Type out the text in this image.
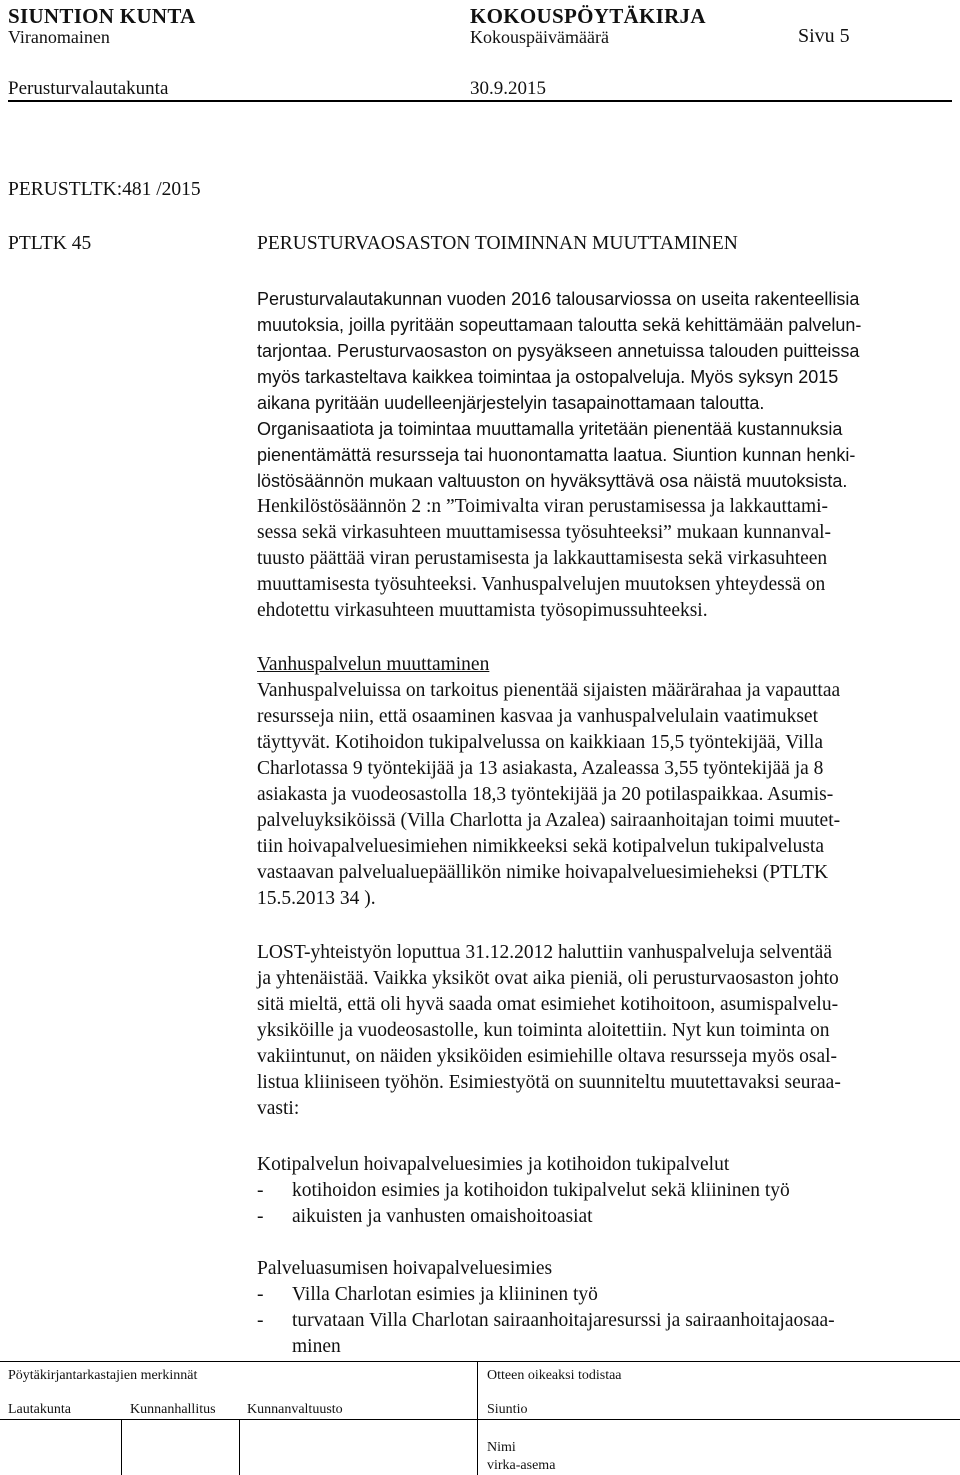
SIUNTION KUNTA	KOKOUSPÖYTÄKIRJA
Viranomainen	Kokouspäivämäärä	Sivu 5
Perusturvalautakunta	30.9.2015
PERUSTLTK:481 /2015
PTLTK 45	PERUSTURVAOSASTON TOIMINNAN MUUTTAMINEN
Perusturvalautakunnan vuoden 2016 talousarviossa on useita rakenteellisia
muutoksia, joilla pyritään sopeuttamaan taloutta sekä kehittämään palvelun-
tarjontaa. Perusturvaosaston on pysyäkseen annetuissa talouden puitteissa
myös tarkasteltava kaikkea toimintaa ja ostopalveluja. Myös syksyn 2015
aikana pyritään uudelleenjärjestelyin tasapainottamaan taloutta.
Organisaatiota ja toimintaa muuttamalla yritetään pienentää kustannuksia
pienentämättä resursseja tai huonontamatta laatua. Siuntion kunnan henki-
löstösäännön mukaan valtuuston on hyväksyttävä osa näistä muutoksista.
Henkilöstösäännön 2 :n ”Toimivalta viran perustamisessa ja lakkauttami-
sessa sekä virkasuhteen muuttamisessa työsuhteeksi” mukaan kunnanval-
tuusto päättää viran perustamisesta ja lakkauttamisesta sekä virkasuhteen
muuttamisesta työsuhteeksi. Vanhuspalvelujen muutoksen yhteydessä on
ehdotettu virkasuhteen muuttamista työsopimussuhteeksi.
Vanhuspalvelun muuttaminen
Vanhuspalveluissa on tarkoitus pienentää sijaisten määrärahaa ja vapauttaa
resursseja niin, että osaaminen kasvaa ja vanhuspalvelulain vaatimukset
täyttyvät. Kotihoidon tukipalvelussa on kaikkiaan 15,5 työntekijää, Villa
Charlotassa 9 työntekijää ja 13 asiakasta, Azaleassa 3,55 työntekijää ja 8
asiakasta ja vuodeosastolla 18,3 työntekijää ja 20 potilaspaikkaa. Asumis-
palveluyksiköissä (Villa Charlotta ja Azalea) sairaanhoitajan toimi muutet-
tiin hoivapalveluesimiehen nimikkeeksi sekä kotipalvelun tukipalvelusta
vastaavan palvelualuepäällikön nimike hoivapalveluesimieheksi (PTLTK
15.5.2013 34 ).
LOST-yhteistyön loputtua 31.12.2012 haluttiin vanhuspalveluja selventää
ja yhtenäistää. Vaikka yksiköt ovat aika pieniä, oli perusturvaosaston johto
sitä mieltä, että oli hyvä saada omat esimiehet kotihoitoon, asumispalvelu-
yksiköille ja vuodeosastolle, kun toiminta aloitettiin. Nyt kun toiminta on
vakiintunut, on näiden yksiköiden esimiehille oltava resursseja myös osal-
listua kliiniseen työhön. Esimiestyötä on suunniteltu muutettavaksi seuraa-
vasti:
Kotipalvelun hoivapalveluesimies ja kotihoidon tukipalvelut
- kotihoidon esimies ja kotihoidon tukipalvelut sekä kliininen työ
- aikuisten ja vanhusten omaishoitoasiat
Palveluasumisen hoivapalveluesimies
- Villa Charlotan esimies ja kliininen työ
- turvataan Villa Charlotan sairaanhoitajaresurssi ja sairaanhoitajaosaa-
minen
Pöytäkirjantarkastajien merkinnät	Otteen oikeaksi todistaa
Lautakunta	Kunnanhallitus Kunnanvaltuusto	Siuntio
Nimi
virka-asema
